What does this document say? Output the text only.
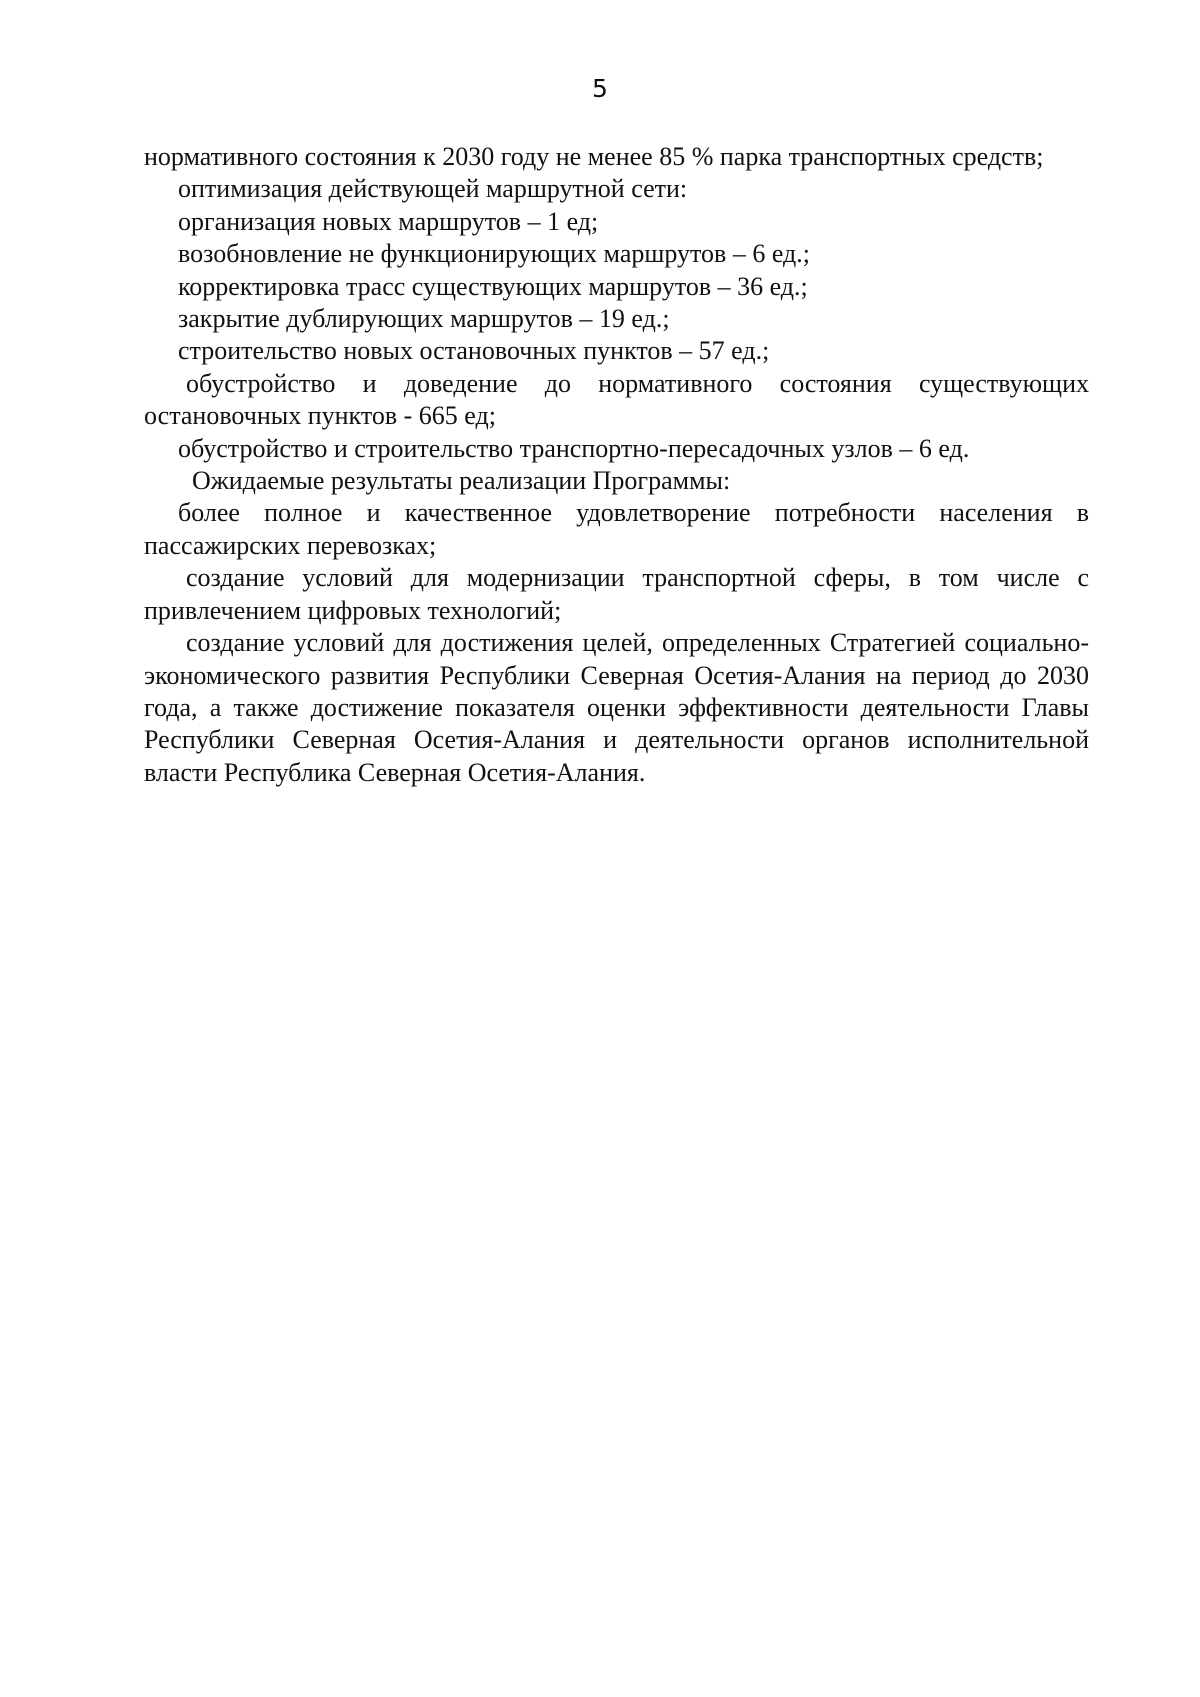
5

нормативного состояния к 2030 году не менее 85 % парка транспортных средств;

оптимизация действующей маршрутной сети:

организация новых маршрутов – 1 ед;

возобновление не функционирующих маршрутов – 6 ед.;

корректировка трасс существующих маршрутов – 36 ед.;

закрытие дублирующих маршрутов – 19 ед.;

строительство новых остановочных пунктов – 57 ед.;

обустройство и доведение до нормативного состояния существующих остановочных пунктов - 665 ед;

обустройство и строительство транспортно-пересадочных узлов – 6 ед.

Ожидаемые результаты реализации Программы:

более полное и качественное удовлетворение потребности населения в пассажирских перевозках;

создание условий для модернизации транспортной сферы, в том числе с привлечением цифровых технологий;

создание условий для достижения целей, определенных Стратегией социально-экономического развития Республики Северная Осетия-Алания на период до 2030 года, а также достижение показателя оценки эффективности деятельности Главы Республики Северная Осетия-Алания и деятельности органов исполнительной власти Республика Северная Осетия-Алания.
